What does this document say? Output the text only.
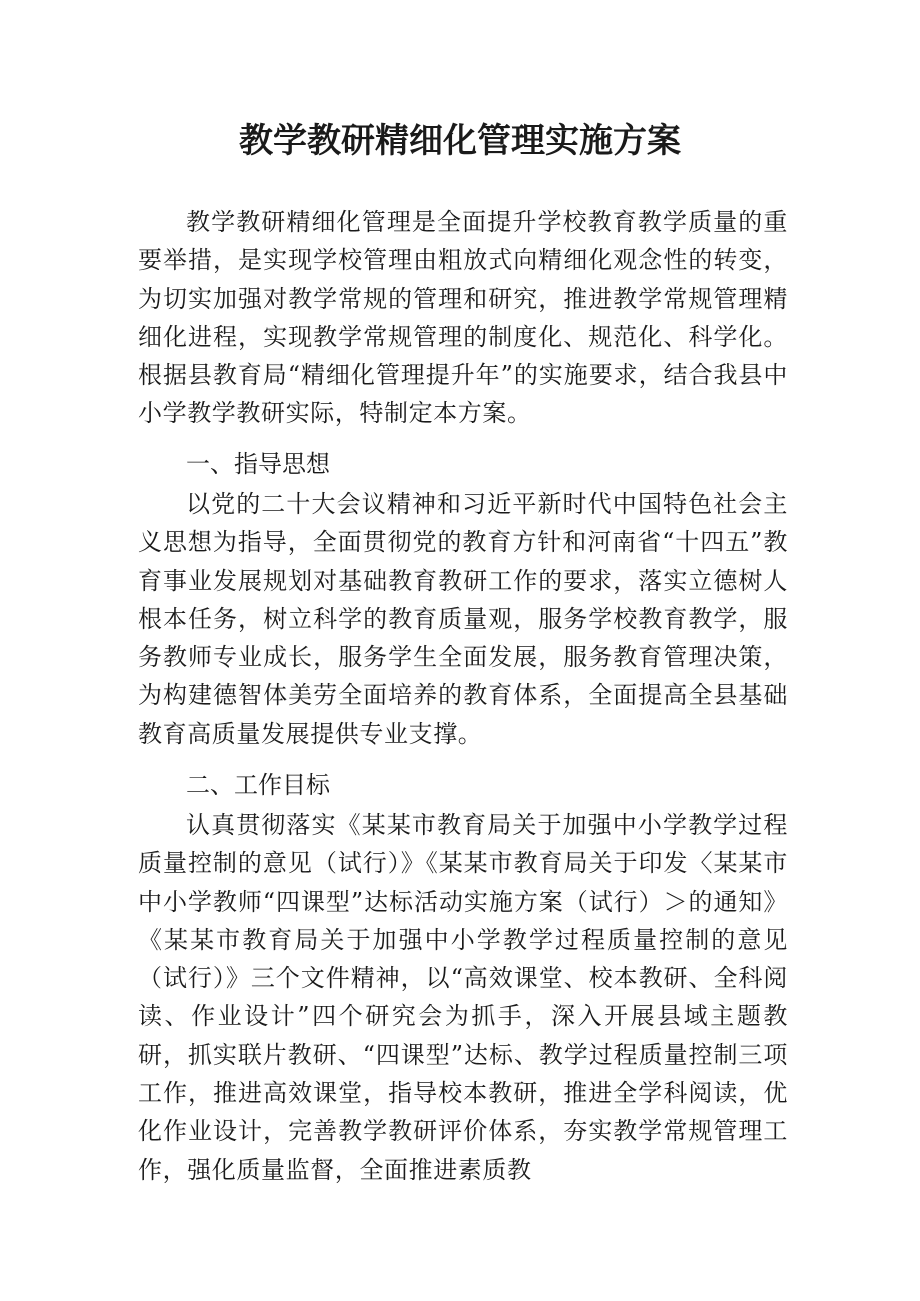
教学教研精细化管理实施方案

教学教研精细化管理是全面提升学校教育教学质量的重要举措，是实现学校管理由粗放式向精细化观念性的转变，为切实加强对教学常规的管理和研究，推进教学常规管理精细化进程，实现教学常规管理的制度化、规范化、科学化。根据县教育局“精细化管理提升年”的实施要求，结合我县中小学教学教研实际，特制定本方案。

一、指导思想

以党的二十大会议精神和习近平新时代中国特色社会主义思想为指导，全面贯彻党的教育方针和河南省“十四五”教育事业发展规划对基础教育教研工作的要求，落实立德树人根本任务，树立科学的教育质量观，服务学校教育教学，服务教师专业成长，服务学生全面发展，服务教育管理决策，为构建德智体美劳全面培养的教育体系，全面提高全县基础教育高质量发展提供专业支撑。

二、工作目标

认真贯彻落实《某某市教育局关于加强中小学教学过程质量控制的意见（试行）》《某某市教育局关于印发〈某某市中小学教师“四课型”达标活动实施方案（试行）＞的通知》《某某市教育局关于加强中小学教学过程质量控制的意见（试行）》三个文件精神，以“高效课堂、校本教研、全科阅读、作业设计”四个研究会为抓手，深入开展县域主题教研，抓实联片教研、“四课型”达标、教学过程质量控制三项工作，推进高效课堂，指导校本教研，推进全学科阅读，优化作业设计，完善教学教研评价体系，夯实教学常规管理工作，强化质量监督，全面推进素质教
